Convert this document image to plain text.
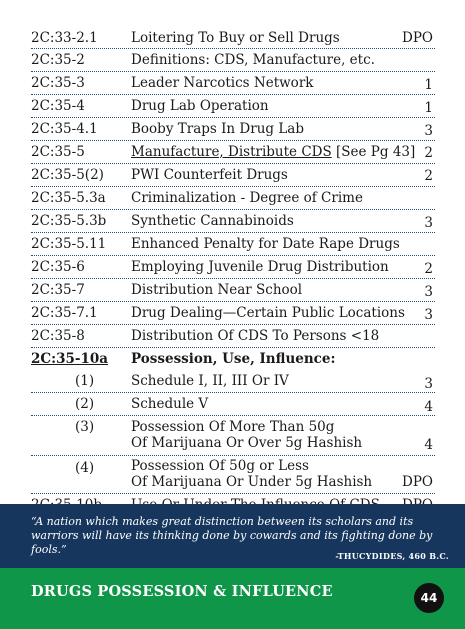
2C:33-2.1 Loitering To Buy or Sell Drugs	DPO
2C:35-2	Definitions: CDS, Manufacture, etc.
2C:35-3	Leader Narcotics Network	1
2C:35-4	Drug Lab Operation	1
2C:35-4.1 Booby Traps In Drug Lab	3
2C:35-5	Manufacture, Distribute CDS [See Pg 43] 2
2C:35-5(2) PWI Counterfeit Drugs	2
2C:35-5.3a Criminalization - Degree of Crime
2C:35-5.3b Synthetic Cannabinoids	3
2C:35-5.11 Enhanced Penalty for Date Rape Drugs
2C:35-6	Employing Juvenile Drug Distribution	2
2C:35-7	Distribution Near School	3
2C:35-7.1 Drug Dealing—Certain Public Locations 3
2C:35-8	Distribution Of CDS To Persons <18
2C:35-10a Possession, Use, Influence:
(1)	Schedule I, II, III Or IV	3
(2)	Schedule V	4
(3)	Possession Of More Than 50g
Of Marijuana Or Over 5g Hashish	4
(4)	Possession Of 50g or Less
Of Marijuana Or Under 5g Hashish DPO
“A nation which makes great distinction between its scholars and its warriors will have its thinking done by cowards and its fighting done by fools.”	-THUCYDIDES, 460 B.C.
DRUGS POSSESSION & INFLUENCE	44
